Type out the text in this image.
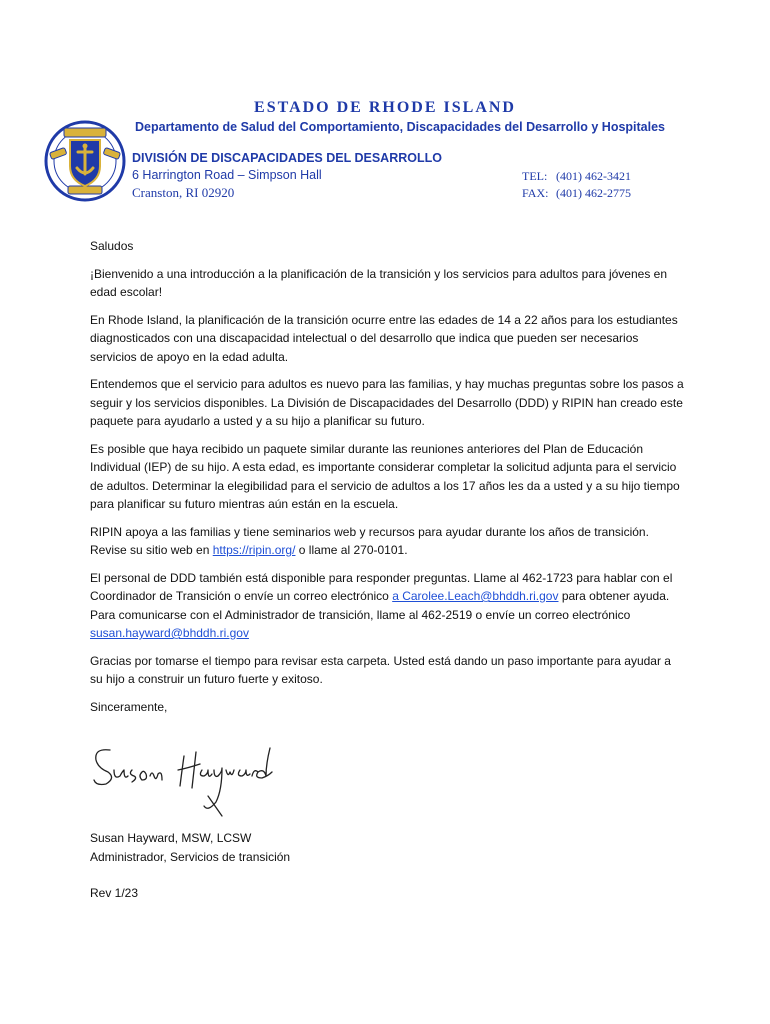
ESTADO DE RHODE ISLAND
Departamento de Salud del Comportamiento, Discapacidades del Desarrollo y Hospitales
DIVISIÓN DE DISCAPACIDADES DEL DESARROLLO
6 Harrington Road – Simpson Hall
Cranston, RI 02920
TEL: (401) 462-3421
FAX: (401) 462-2775

Saludos

¡Bienvenido a una introducción a la planificación de la transición y los servicios para adultos para jóvenes en edad escolar!

En Rhode Island, la planificación de la transición ocurre entre las edades de 14 a 22 años para los estudiantes diagnosticados con una discapacidad intelectual o del desarrollo que indica que pueden ser necesarios servicios de apoyo en la edad adulta.

Entendemos que el servicio para adultos es nuevo para las familias, y hay muchas preguntas sobre los pasos a seguir y los servicios disponibles. La División de Discapacidades del Desarrollo (DDD) y RIPIN han creado este paquete para ayudarlo a usted y a su hijo a planificar su futuro.

Es posible que haya recibido un paquete similar durante las reuniones anteriores del Plan de Educación Individual (IEP) de su hijo. A esta edad, es importante considerar completar la solicitud adjunta para el servicio de adultos. Determinar la elegibilidad para el servicio de adultos a los 17 años les da a usted y a su hijo tiempo para planificar su futuro mientras aún están en la escuela.

RIPIN apoya a las familias y tiene seminarios web y recursos para ayudar durante los años de transición. Revise su sitio web en https://ripin.org/ o llame al 270-0101.

El personal de DDD también está disponible para responder preguntas. Llame al 462-1723 para hablar con el Coordinador de Transición o envíe un correo electrónico a Carolee.Leach@bhddh.ri.gov para obtener ayuda. Para comunicarse con el Administrador de transición, llame al 462-2519 o envíe un correo electrónico susan.hayward@bhddh.ri.gov

Gracias por tomarse el tiempo para revisar esta carpeta. Usted está dando un paso importante para ayudar a su hijo a construir un futuro fuerte y exitoso.

Sinceramente,

Susan Hayward, MSW, LCSW
Administrador, Servicios de transición
Rev 1/23
